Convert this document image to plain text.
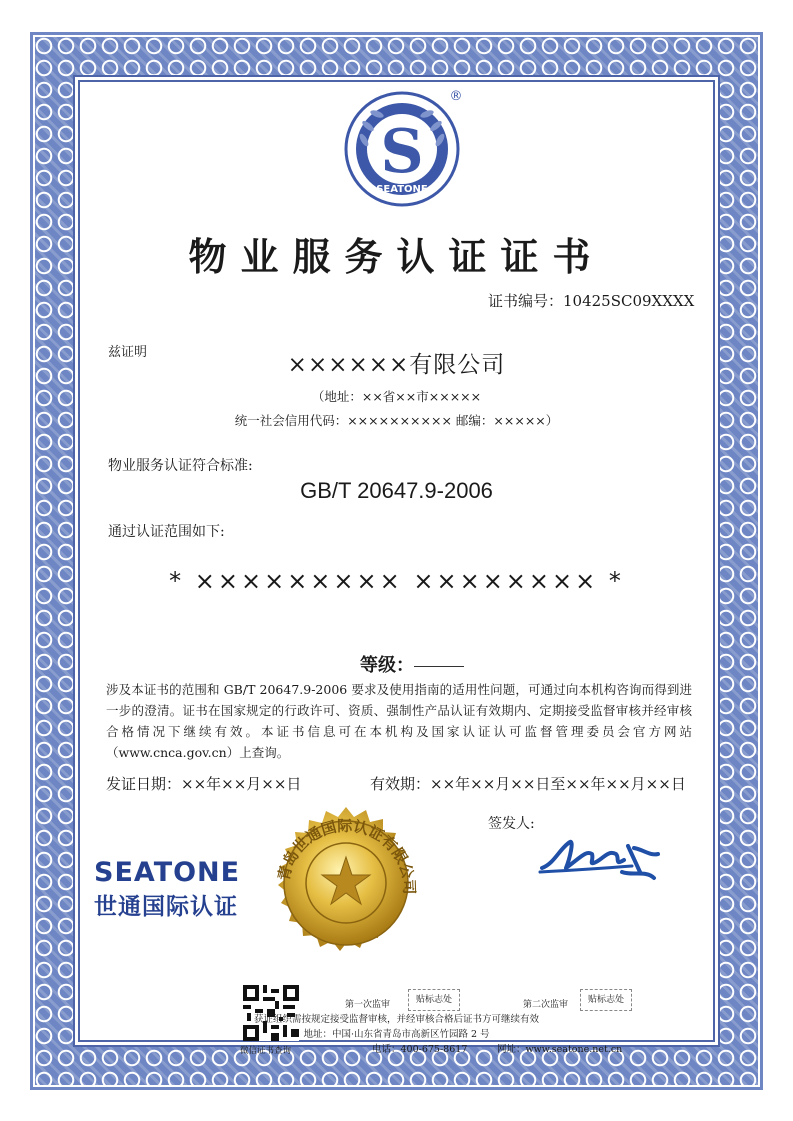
S
SEATONE
®
物业服务认证证书
证书编号：10425SC09XXXX
兹证明	××××××有限公司
（地址：××省××市×××××
统一社会信用代码：×××××××××× 邮编：×××××）
物业服务认证符合标准:
GB/T 20647.9-2006
通过认证范围如下:
* ××××××××× ×××××××× *
等级：
涉及本证书的范围和 GB/T 20647.9-2006 要求及使用指南的适用性问题，可通过向本机构咨询而得到进一步的澄清。证书在国家规定的行政许可、资质、强制性产品认证有效期内、定期接受监督审核并经审核合格情况下继续有效。本证书信息可在本机构及国家认证认可监督管理委员会官方网站（www.cnca.gov.cn）上查询。
发证日期：××年××月××日	有效期：××年××月××日至××年××月××日
签发人:
SEATONE
世通国际认证
青岛世通国际认证有限公司
微信证书查询
第一次监审	贴标志处	第二次监审	贴标志处
获证组织需按规定接受监督审核，并经审核合格后证书方可继续有效
地址：中国·山东省青岛市高新区竹园路 2 号
电话：400-675-8617	网址：www.seatone.net.cn
